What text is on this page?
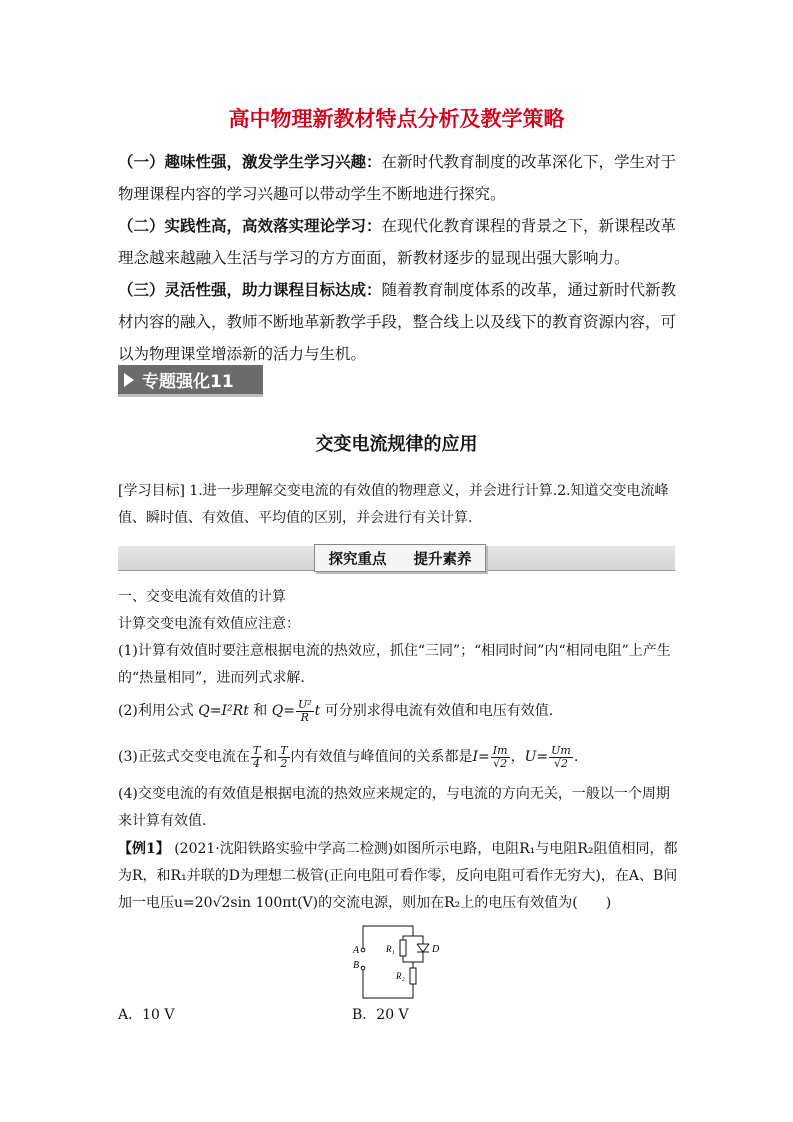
高中物理新教材特点分析及教学策略
（一）趣味性强，激发学生学习兴趣：在新时代教育制度的改革深化下，学生对于物理课程内容的学习兴趣可以带动学生不断地进行探究。
（二）实践性高，高效落实理论学习：在现代化教育课程的背景之下，新课程改革理念越来越融入生活与学习的方方面面，新教材逐步的显现出强大影响力。
（三）灵活性强，助力课程目标达成：随着教育制度体系的改革，通过新时代新教材内容的融入，教师不断地革新教学手段，整合线上以及线下的教育资源内容，可以为物理课堂增添新的活力与生机。
专题强化11
交变电流规律的应用
[学习目标] 1.进一步理解交变电流的有效值的物理意义，并会进行计算.2.知道交变电流峰值、瞬时值、有效值、平均值的区别，并会进行有关计算.
探究重点 提升素养
一、交变电流有效值的计算
计算交变电流有效值应注意：
(1)计算有效值时要注意根据电流的热效应，抓住“三同”；“相同时间”内“相同电阻”上产生的“热量相同”，进而列式求解.
(2)利用公式 Q=I²Rt 和 $Q= \frac{\text{U²}}{R}$ t 可分别求得电流有效值和电压有效值.
(3)正弦式交变电流在 $\frac{T}{4}$ 和 $\frac{T}{2}$ 内有效值与峰值间的关系都是$I= \frac{Im}{√2}$ ，$U= \frac{Um}{√2}$ .
(4)交变电流的有效值是根据电流的热效应来规定的，与电流的方向无关，一般以一个周期来计算有效值.
【例1】 (2021·沈阳铁路实验中学高二检测)如图所示电路，电阻R₁与电阻R₂阻值相同，都为R，和R₁并联的D为理想二极管(正向电阻可看作零，反向电阻可看作无穷大)，在A、B间加一电压u=20√2sin 100πt(V)的交流电源，则加在R₂上的电压有效值为(　　)
A
B
R₁
R₂
D
A．10 V	B．20 V
